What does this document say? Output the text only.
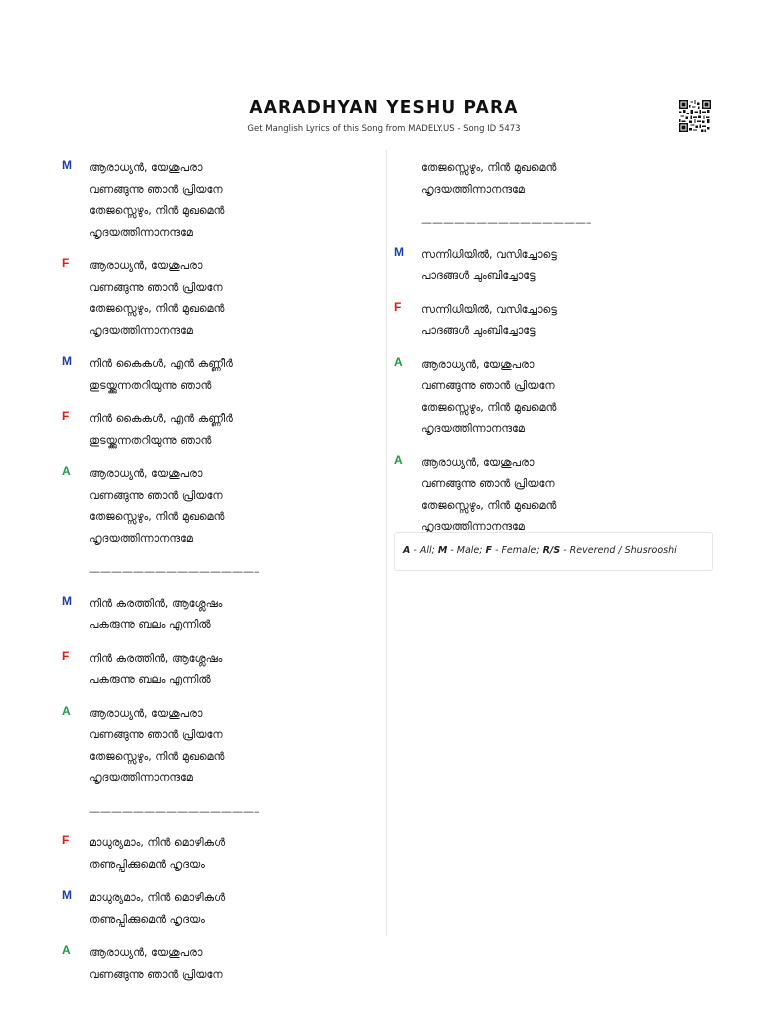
AARADHYAN YESHU PARA

Get Manglish Lyrics of this Song from MADELY.US - Song ID 5473

M	ആരാധ്യൻ, യേശുപരാ
വണങ്ങുന്നു ഞാൻ പ്രിയനേ
തേജസ്സെഴും, നിൻ മുഖമെൻ
ഹൃദയത്തിന്നാനന്ദമേ
F	ആരാധ്യൻ, യേശുപരാ
വണങ്ങുന്നു ഞാൻ പ്രിയനേ
തേജസ്സെഴും, നിൻ മുഖമെൻ
ഹൃദയത്തിന്നാനന്ദമേ
M	നിൻ കൈകൾ, എൻ കണ്ണീർ
തുടയ്ക്കുന്നതറിയുന്നു ഞാൻ
F	നിൻ കൈകൾ, എൻ കണ്ണീർ
തുടയ്ക്കുന്നതറിയുന്നു ഞാൻ
A	ആരാധ്യൻ, യേശുപരാ
വണങ്ങുന്നു ഞാൻ പ്രിയനേ
തേജസ്സെഴും, നിൻ മുഖമെൻ
ഹൃദയത്തിന്നാനന്ദമേ
———————————————–
M	നിൻ കരത്തിൻ, ആശ്ലേഷം
പകരുന്നു ബലം എന്നിൽ
F	നിൻ കരത്തിൻ, ആശ്ലേഷം
പകരുന്നു ബലം എന്നിൽ
A	ആരാധ്യൻ, യേശുപരാ
വണങ്ങുന്നു ഞാൻ പ്രിയനേ
തേജസ്സെഴും, നിൻ മുഖമെൻ
ഹൃദയത്തിന്നാനന്ദമേ
———————————————–
F	മാധുര്യമാം, നിൻ മൊഴികൾ
തണുപ്പിക്കുമെൻ ഹൃദയം
M	മാധുര്യമാം, നിൻ മൊഴികൾ
തണുപ്പിക്കുമെൻ ഹൃദയം
A	ആരാധ്യൻ, യേശുപരാ
വണങ്ങുന്നു ഞാൻ പ്രിയനേ
തേജസ്സെഴും, നിൻ മുഖമെൻ
ഹൃദയത്തിന്നാനന്ദമേ
———————————————–
M	സന്നിധിയിൽ, വസിച്ചോട്ടെ
പാദങ്ങൾ ചുംബിച്ചോട്ടേ
F	സന്നിധിയിൽ, വസിച്ചോട്ടെ
പാദങ്ങൾ ചുംബിച്ചോട്ടേ
A	ആരാധ്യൻ, യേശുപരാ
വണങ്ങുന്നു ഞാൻ പ്രിയനേ
തേജസ്സെഴും, നിൻ മുഖമെൻ
ഹൃദയത്തിന്നാനന്ദമേ
A	ആരാധ്യൻ, യേശുപരാ
വണങ്ങുന്നു ഞാൻ പ്രിയനേ
തേജസ്സെഴും, നിൻ മുഖമെൻ
ഹൃദയത്തിന്നാനന്ദമേ
A - All; M - Male; F - Female; R/S - Reverend / Shusrooshi
